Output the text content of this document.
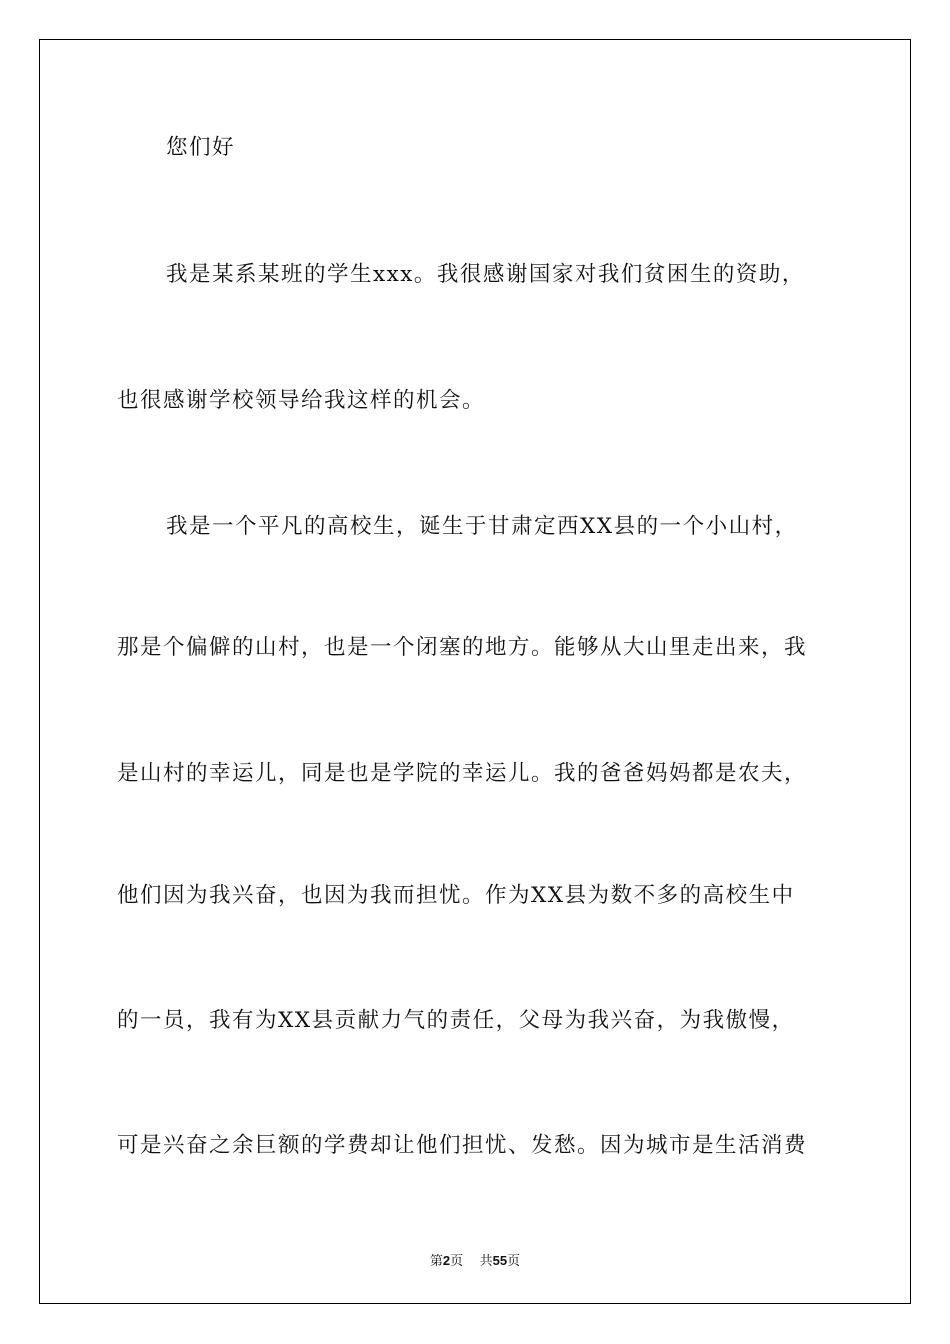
您们好

我是某系某班的学生xxx。我很感谢国家对我们贫困生的资助，

也很感谢学校领导给我这样的机会。

我是一个平凡的高校生，诞生于甘肃定西XX县的一个小山村，

那是个偏僻的山村，也是一个闭塞的地方。能够从大山里走出来，我

是山村的幸运儿，同是也是学院的幸运儿。我的爸爸妈妈都是农夫，

他们因为我兴奋，也因为我而担忧。作为XX县为数不多的高校生中

的一员，我有为XX县贡献力气的责任，父母为我兴奋，为我傲慢，

可是兴奋之余巨额的学费却让他们担忧、发愁。因为城市是生活消费

第2页 共55页
